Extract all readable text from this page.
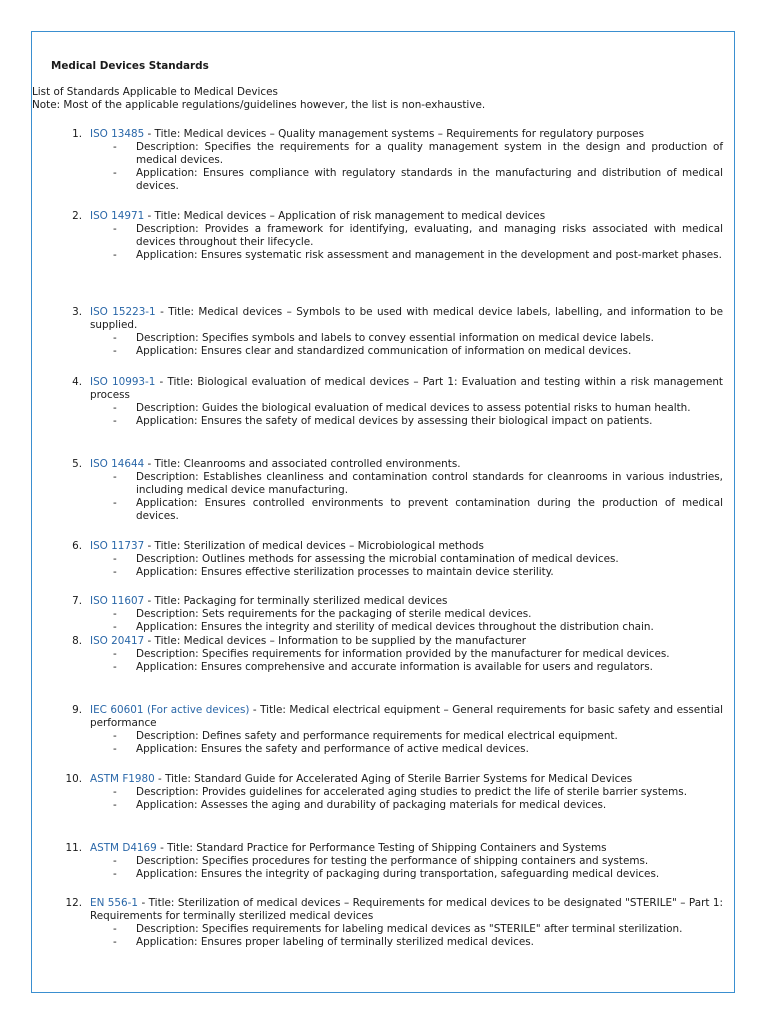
Medical Devices Standards
List of Standards Applicable to Medical Devices
Note: Most of the applicable regulations/guidelines however, the list is non-exhaustive.
1. ISO 13485 - Title: Medical devices – Quality management systems – Requirements for regulatory purposes
- Description: Specifies the requirements for a quality management system in the design and production of medical devices.
- Application: Ensures compliance with regulatory standards in the manufacturing and distribution of medical devices.
2. ISO 14971 - Title: Medical devices – Application of risk management to medical devices
- Description: Provides a framework for identifying, evaluating, and managing risks associated with medical devices throughout their lifecycle.
- Application: Ensures systematic risk assessment and management in the development and post-market phases.
3. ISO 15223-1 - Title: Medical devices – Symbols to be used with medical device labels, labelling, and information to be supplied.
- Description: Specifies symbols and labels to convey essential information on medical device labels.
- Application: Ensures clear and standardized communication of information on medical devices.
4. ISO 10993-1 - Title: Biological evaluation of medical devices – Part 1: Evaluation and testing within a risk management process
- Description: Guides the biological evaluation of medical devices to assess potential risks to human health.
- Application: Ensures the safety of medical devices by assessing their biological impact on patients.
5. ISO 14644 - Title: Cleanrooms and associated controlled environments.
- Description: Establishes cleanliness and contamination control standards for cleanrooms in various industries, including medical device manufacturing.
- Application: Ensures controlled environments to prevent contamination during the production of medical devices.
6. ISO 11737 - Title: Sterilization of medical devices – Microbiological methods
- Description: Outlines methods for assessing the microbial contamination of medical devices.
- Application: Ensures effective sterilization processes to maintain device sterility.
7. ISO 11607 - Title: Packaging for terminally sterilized medical devices
- Description: Sets requirements for the packaging of sterile medical devices.
- Application: Ensures the integrity and sterility of medical devices throughout the distribution chain.
8. ISO 20417 - Title: Medical devices – Information to be supplied by the manufacturer
- Description: Specifies requirements for information provided by the manufacturer for medical devices.
- Application: Ensures comprehensive and accurate information is available for users and regulators.
9. IEC 60601 (For active devices) - Title: Medical electrical equipment – General requirements for basic safety and essential performance
- Description: Defines safety and performance requirements for medical electrical equipment.
- Application: Ensures the safety and performance of active medical devices.
10. ASTM F1980 - Title: Standard Guide for Accelerated Aging of Sterile Barrier Systems for Medical Devices
- Description: Provides guidelines for accelerated aging studies to predict the life of sterile barrier systems.
- Application: Assesses the aging and durability of packaging materials for medical devices.
11. ASTM D4169 - Title: Standard Practice for Performance Testing of Shipping Containers and Systems
- Description: Specifies procedures for testing the performance of shipping containers and systems.
- Application: Ensures the integrity of packaging during transportation, safeguarding medical devices.
12. EN 556-1 - Title: Sterilization of medical devices – Requirements for medical devices to be designated "STERILE" – Part 1: Requirements for terminally sterilized medical devices
- Description: Specifies requirements for labeling medical devices as "STERILE" after terminal sterilization.
- Application: Ensures proper labeling of terminally sterilized medical devices.
